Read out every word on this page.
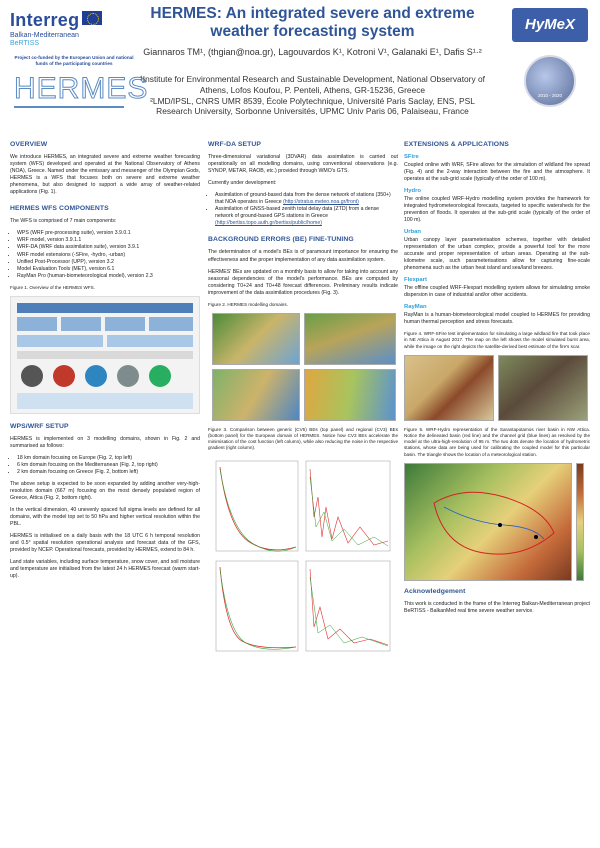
Interreg
Balkan-Mediterranean
BeRTISS
Project co-funded by the European Union and national funds of the participating countries
HERMES
HERMES: An integrated severe and extreme weather forecasting system
Giannaros TM¹, (thgian@noa.gr), Lagouvardos K¹, Kotroni V¹, Galanaki E¹, Dafis S¹·²
¹Institute for Environmental Research and Sustainable Development, National Observatory of Athens, Lofos Koufou, P. Penteli, Athens, GR-15236, Greece
²LMD/IPSL, CNRS UMR 8539, École Polytechnique, Université Paris Saclay, ENS, PSL Research University, Sorbonne Universités, UPMC Univ Paris 06, Palaiseau, France
HyMeX
2010 - 2020
OVERVIEW

We introduce HERMES, an integrated severe and extreme weather forecasting system (WFS) developed and operated at the National Observatory of Athens (NOA), Greece. Named under the emissary and messenger of the Olympian Gods, HERMES is a WFS that focuses both on severe and extreme weather phenomena, but also designed to support a wide array of weather-related applications (Fig. 1).

HERMES WFS COMPONENTS

The WFS is comprised of 7 main components:

• WPS (WRF pre-processing suite), version 3.9.0.1
• WRF model, version 3.9.1.1
• WRF-DA (WRF data assimilation suite), version 3.9.1
• WRF model extensions (-SFire, -hydro, -urban)
• Unified Post-Processor (UPP), version 3.2
• Model Evaluation Tools (MET), version 6.1
• RayMan Pro (human-biometeorological model), version 2.3
Figure 1. Overview of the HERMES WFS.
WPS/WRF SETUP

HERMES is implemented on 3 modelling domains, shown in Fig. 2 and summarised as follows:

• 18 km domain focusing on Europe (Fig. 2, top left)
• 6 km domain focusing on the Mediterranean (Fig. 2, top right)
• 2 km domain focusing on Greece (Fig. 2, bottom left)

The above setup is expected to be soon expanded by adding another very-high-resolution domain (667 m) focusing on the most densely populated region of Greece, Attica (Fig. 2, bottom right).

In the vertical dimension, 40 unevenly spaced full sigma levels are defined for all domains, with the model top set to 50 hPa and higher vertical resolution within the PBL.

HERMES is initialised on a daily basis with the 18 UTC 6 h temporal resolution and 0.5° spatial resolution operational analysis and forecast data of the GFS, provided by NCEP. Operational forecasts, provided by HERMES, extend to 84 h.

Land state variables, including surface temperature, snow cover, and soil moisture and temperature are initialised from the latest 24 h HERMES forecast (warm start-up).

WRF-DA SETUP

Three-dimensional variational (3DVAR) data assimilation is carried out operationally on all modelling domains, using conventional observations (e.g. SYNOP, METAR, RAOB, etc.) provided through WMO's GTS.

Currently under development:

• Assimilation of ground-based data from the dense network of stations (350+) that NOA operates in Greece (http://stratus.meteo.noa.gr/front)
• Assimilation of GNSS-based zenith total delay data (ZTD) from a dense network of ground-based GPS stations in Greece (http://bertiss.topo.auth.gr/bertiss/public/home)
BACKGROUND ERRORS (BE) FINE-TUNING

The determination of a model's BEs is of paramount importance for ensuring the effectiveness and the proper implementation of any data assimilation system.

HERMES' BEs are updated on a monthly basis to allow for taking into account any seasonal dependencies of the model's performance. BEs are computed by considering T0+24 and T0+48 forecast differences. Preliminary results indicate improvement of the data assimilation procedures (Fig. 3).

Figure 2. HERMES modelling domains.
Figure 3. Comparison between generic (CV5) BEs (top panel) and regional (CV3) BEs (bottom panel) for the European domain of HERMES. Notice how CV3 BEs accelerate the minimisation of the cost function (left column), while also reducing the noise in the respective gradient (right column).
EXTENSIONS & APPLICATIONS
SFire

Coupled online with WRF, SFire allows for the simulation of wildland fire spread (Fig. 4) and the 2-way interaction between the fire and the atmosphere. It operates at the sub-grid scale (typically of the order of 100 m).

Hydro

The online coupled WRF-Hydro modelling system provides the framework for integrated hydrometeorological forecasts, targeted to specific watersheds for the prevention of floods. It operates at the sub-grid scale (typically of the order of 100 m).

Urban

Urban canopy layer parameterisation schemes, together with detailed representation of the urban complex, provide a powerful tool for the more accurate and proper representation of urban areas. Operating at the sub-kilometre scale, such parameterisations allow for capturing fine-scale phenomena such as the urban heat island and sea/land breezes.

Flexpart

The offline coupled WRF-Flexpart modelling system allows for simulating smoke dispersion in case of industrial and/or other accidents.

RayMan

RayMan is a human-biometeorological model coupled to HERMES for providing human thermal perception and stress forecasts.

Figure 4. WRF-SFire test implementation for simulating a large wildland fire that took place in NE Attica in August 2017. The map on the left shows the model simulated burnt area, while the image on the right depicts the satellite-derived best estimate of the fire's scar.
Figure 5. WRF-Hydro representation of the Sarantapotamos river basin in NW Attica. Notice the delineated basin (red line) and the channel grid (blue lines) as resolved by the model at the ultra-high-resolution of 95 m. The two dots denote the location of hydrometric stations, whose data are being used for calibrating the coupled model for this particular basin. The triangle shows the location of a meteorological station.
Acknowledgement

This work is conducted in the frame of the Interreg Balkan-Mediterranean project BeRTISS - BalkanMed real time severe weather service.
